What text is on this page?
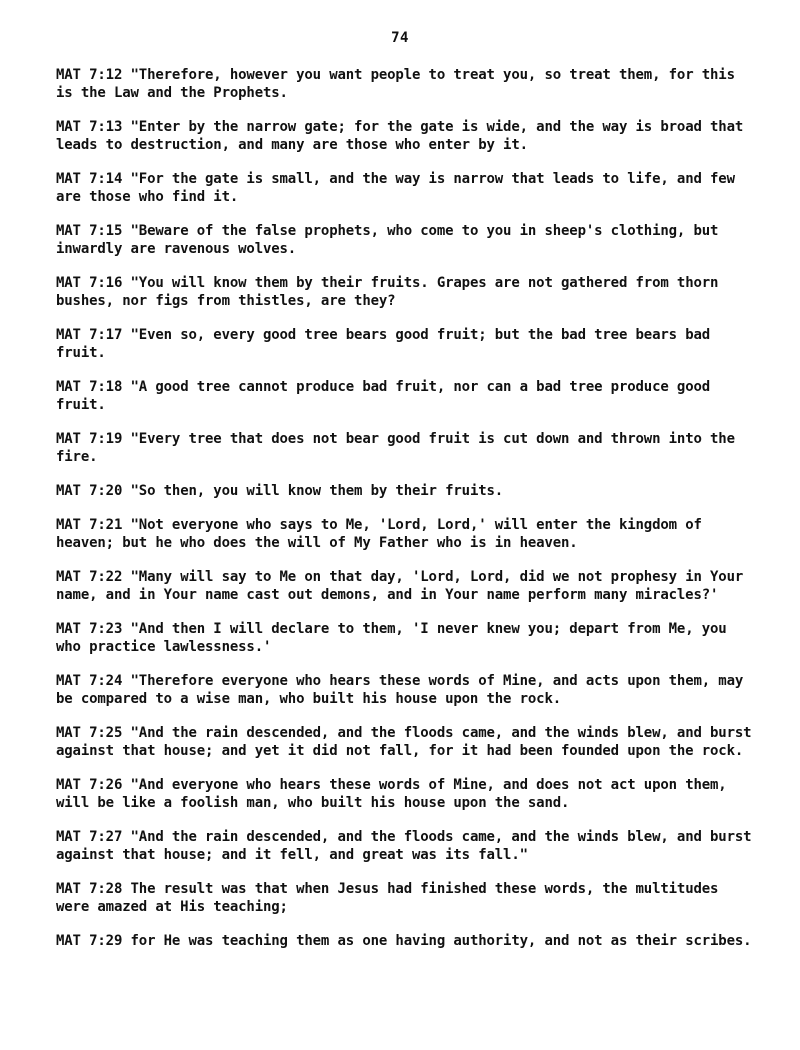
74

MAT 7:12 "Therefore, however you want people to treat you, so treat them, for this is the Law and the Prophets.

MAT 7:13 "Enter by the narrow gate; for the gate is wide, and the way is broad that leads to destruction, and many are those who enter by it.

MAT 7:14 "For the gate is small, and the way is narrow that leads to life, and few are those who find it.

MAT 7:15 "Beware of the false prophets, who come to you in sheep's clothing, but inwardly are ravenous wolves.

MAT 7:16 "You will know them by their fruits. Grapes are not gathered from thorn bushes, nor figs from thistles, are they?

MAT 7:17 "Even so, every good tree bears good fruit; but the bad tree bears bad fruit.

MAT 7:18 "A good tree cannot produce bad fruit, nor can a bad tree produce good fruit.

MAT 7:19 "Every tree that does not bear good fruit is cut down and thrown into the fire.

MAT 7:20 "So then, you will know them by their fruits.

MAT 7:21 "Not everyone who says to Me, 'Lord, Lord,' will enter the kingdom of heaven; but he who does the will of My Father who is in heaven.

MAT 7:22 "Many will say to Me on that day, 'Lord, Lord, did we not prophesy in Your name, and in Your name cast out demons, and in Your name perform many miracles?'

MAT 7:23 "And then I will declare to them, 'I never knew you; depart from Me, you who practice lawlessness.'

MAT 7:24 "Therefore everyone who hears these words of Mine, and acts upon them, may be compared to a wise man, who built his house upon the rock.

MAT 7:25 "And the rain descended, and the floods came, and the winds blew, and burst against that house; and yet it did not fall, for it had been founded upon the rock.

MAT 7:26 "And everyone who hears these words of Mine, and does not act upon them, will be like a foolish man, who built his house upon the sand.

MAT 7:27 "And the rain descended, and the floods came, and the winds blew, and burst against that house; and it fell, and great was its fall."

MAT 7:28 The result was that when Jesus had finished these words, the multitudes were amazed at His teaching;

MAT 7:29 for He was teaching them as one having authority, and not as their scribes.
